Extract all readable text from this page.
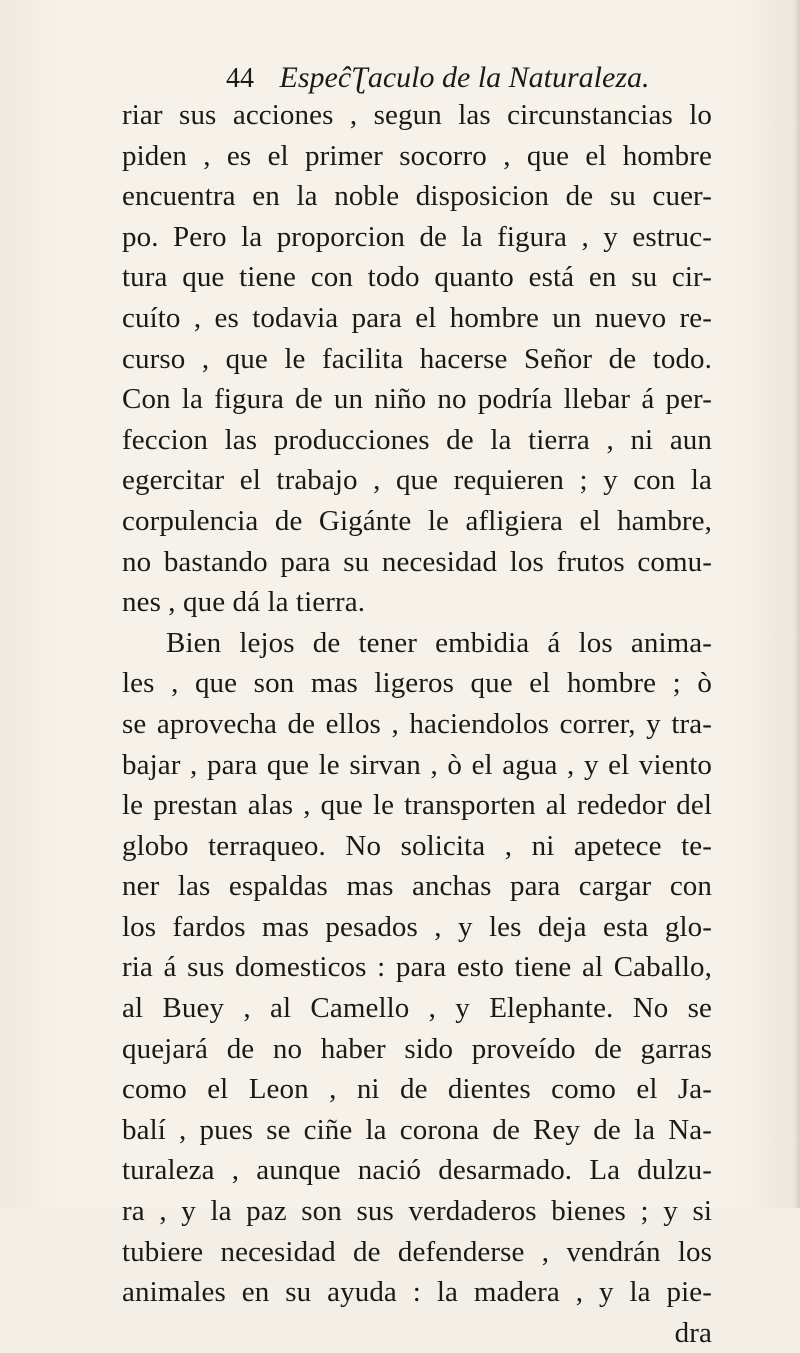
44 EspeĉƮaculo de la Naturaleza.
riar sus acciones , segun las circunstancias lo
piden , es el primer socorro , que el hombre
encuentra en la noble disposicion de su cuer-
po. Pero la proporcion de la figura , y estruc-
tura que tiene con todo quanto está en su cir-
cuíto , es todavia para el hombre un nuevo re-
curso , que le facilita hacerse Señor de todo.
Con la figura de un niño no podría llebar á per-
feccion las producciones de la tierra , ni aun
egercitar el trabajo , que requieren ; y con la
corpulencia de Gigánte le afligiera el hambre,
no bastando para su necesidad los frutos comu-
nes , que dá la tierra.
Bien lejos de tener embidia á los anima-
les , que son mas ligeros que el hombre ; ò
se aprovecha de ellos , haciendolos correr, y tra-
bajar , para que le sirvan , ò el agua , y el viento
le prestan alas , que le transporten al rededor del
globo terraqueo. No solicita , ni apetece te-
ner las espaldas mas anchas para cargar con
los fardos mas pesados , y les deja esta glo-
ria á sus domesticos : para esto tiene al Caballo,
al Buey , al Camello , y Elephante. No se
quejará de no haber sido proveído de garras
como el Leon , ni de dientes como el Ja-
balí , pues se ciñe la corona de Rey de la Na-
turaleza , aunque nació desarmado. La dulzu-
ra , y la paz son sus verdaderos bienes ; y si
tubiere necesidad de defenderse , vendrán los
animales en su ayuda : la madera , y la pie-
dra
